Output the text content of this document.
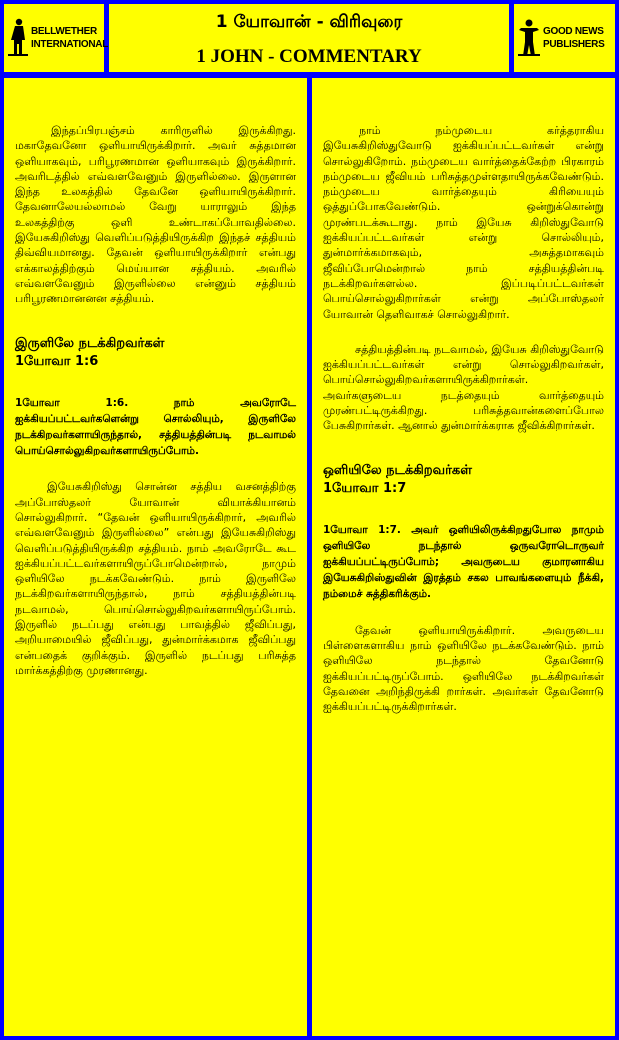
BELLWETHER
INTERNATIONAL
1 யோவான் - விரிவுரை
1 JOHN - COMMENTARY
GOOD NEWS
PUBLISHERS

இந்தப்பிரபஞ்சம் காரிருளில் இருக்கிறது. மகாதேவனோ ஒளியாயிருக்கிறார். அவர் சுத்தமான ஒளியாகவும், பரிபூரணமான ஒளியாகவும் இருக்கிறார். அவரிடத்தில் எவ்வளவேனும் இருளில்லை. இருளான இந்த உலகத்தில் தேவனே ஒளியாயிருக்கிறார். தேவனாலேயல்லாமல் வேறு யாராலும் இந்த உலகத்திற்கு ஒளி உண்டாகப்போவதில்லை. இயேசுகிறிஸ்து வெளிப்படுத்தியிருக்கிற இந்தச் சத்தியம் திவ்வியமானது. தேவன் ஒளியாயிருக்கிறார் என்பது எக்காலத்திற்கும் மெய்யான சத்தியம். அவரில் எவ்வளவேனும் இருளில்லை என்னும் சத்தியம் பரிபூரணமானனன சத்தியம்.

இருளிலே நடக்கிறவர்கள்
1யோவா 1:6

1யோவா 1:6. நாம் அவரோடே ஐக்கியப்பட்டவர்களென்று சொல்லியும், இருளிலே நடக்கிறவர்களாயிருந்தால், சத்தியத்தின்படி நடவாமல் பொய்சொல்லுகிறவர்களாயிருப்போம்.

இயேசுகிறிஸ்து சொன்ன சத்திய வசனத்திற்கு அப்போஸ்தலர் யோவான் வியாக்கியானம் சொல்லுகிறார். “தேவன் ஒளியாயிருக்கிறார், அவரில் எவ்வளவேனும் இருளில்லை” என்பது இயேசுகிறிஸ்து வெளிப்படுத்தியிருக்கிற சத்தியம். நாம் அவரோடே கூட ஐக்கியப்பட்டவர்களாயிருப்போமென்றால், நாமும் ஒளியிலே நடக்கவேண்டும். நாம் இருளிலே நடக்கிறவர்களாயிருந்தால், நாம் சத்தியத்தின்படி நடவாமல், பொய்சொல்லுகிறவர்களாயிருப்போம். இருளில் நடப்பது என்பது பாவத்தில் ஜீவிப்பது, அறியாமையில் ஜீவிப்பது, துன்மார்க்கமாக ஜீவிப்பது என்பதைக் குறிக்கும். இருளில் நடப்பது பரிசுத்த மார்க்கத்திற்கு முரணானது.

நாம் நம்முடைய கர்த்தராகிய இயேசுகிறிஸ்துவோடு ஐக்கியப்பட்டவர்கள் என்று சொல்லுகிறோம். நம்முடைய வார்த்தைக்கேற்ற பிரகாரம் நம்முடைய ஜீவியம் பரிசுத்தமுள்ளதாயிருக்கவேண்டும். நம்முடைய வார்த்தையும் கிரியையும் ஒத்துப்போகவேண்டும். ஒன்றுக்கொன்று முரண்படக்கூடாது. நாம் இயேசு கிறிஸ்துவோடு ஐக்கியப்பட்டவர்கள் என்று சொல்லியும், துன்மார்க்கமாகவும், அசுத்தமாகவும் ஜீவிப்போமென்றால் நாம் சத்தியத்தின்படி நடக்கிறவர்களல்ல. இப்படிப்பட்டவர்கள் பொய்சொல்லுகிறார்கள் என்று அப்போஸ்தலர் யோவான் தெளிவாகச் சொல்லுகிறார்.

சத்தியத்தின்படி நடவாமல், இயேசு கிறிஸ்துவோடு ஐக்கியப்பட்டவர்கள் என்று சொல்லுகிறவர்கள், பொய்சொல்லுகிறவர்களாயிருக்கிறார்கள். அவர்களுடைய நடத்தையும் வார்த்தையும் முரண்பட்டிருக்கிறது. பரிசுத்தவான்களைப்போல பேசுகிறார்கள். ஆனால் துன்மார்க்கராக ஜீவிக்கிறார்கள்.

ஒளியிலே நடக்கிறவர்கள்
1யோவா 1:7

1யோவா 1:7. அவர் ஒளியிலிருக்கிறதுபோல நாமும் ஒளியிலே நடந்தால் ஒருவரோடொருவர் ஐக்கியப்பட்டிருப்போம்; அவருடைய குமாரனாகிய இயேசுகிறிஸ்துவின் இரத்தம் சகல பாவங்களையும் நீக்கி, நம்மைச் சுத்திகரிக்கும்.

தேவன் ஒளியாயிருக்கிறார். அவருடைய பிள்ளைகளாகிய நாம் ஒளியிலே நடக்கவேண்டும். நாம் ஒளியிலே நடந்தால் தேவனோடு ஐக்கியப்பட்டிருப்போம். ஒளியிலே நடக்கிறவர்கள் தேவனை அறிந்திருக்கி றார்கள். அவர்கள் தேவனோடு ஐக்கியப்பட்டிருக்கிறார்கள்.
